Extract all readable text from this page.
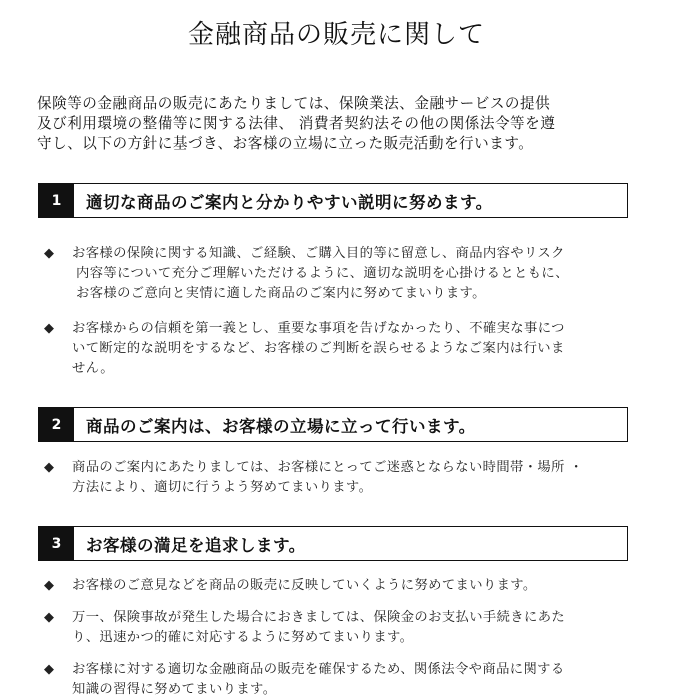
金融商品の販売に関して

保険等の金融商品の販売にあたりましては、保険業法、金融サービスの提供
及び利用環境の整備等に関する法律、 消費者契約法その他の関係法令等を遵
守し、以下の方針に基づき、お客様の立場に立った販売活動を行います。

1	適切な商品のご案内と分かりやすい説明に努めます。
◆ お客様の保険に関する知識、ご経験、ご購入目的等に留意し、商品内容やリスク
内容等について充分ご理解いただけるように、適切な説明を心掛けるとともに、
お客様のご意向と実情に適した商品のご案内に努めてまいります。
◆ お客様からの信頼を第一義とし、重要な事項を告げなかったり、不確実な事につ
いて断定的な説明をするなど、お客様のご判断を誤らせるようなご案内は行いま
せん。
2	商品のご案内は、お客様の立場に立って行います。
◆ 商品のご案内にあたりましては、お客様にとってご迷惑とならない時間帯・場所 ・
方法により、適切に行うよう努めてまいります。
3	お客様の満足を追求します。
◆ お客様のご意見などを商品の販売に反映していくように努めてまいります。
◆ 万一、保険事故が発生した場合におきましては、保険金のお支払い手続きにあた
り、迅速かつ的確に対応するように努めてまいります。
◆ お客様に対する適切な金融商品の販売を確保するため、関係法令や商品に関する
知識の習得に努めてまいります。
